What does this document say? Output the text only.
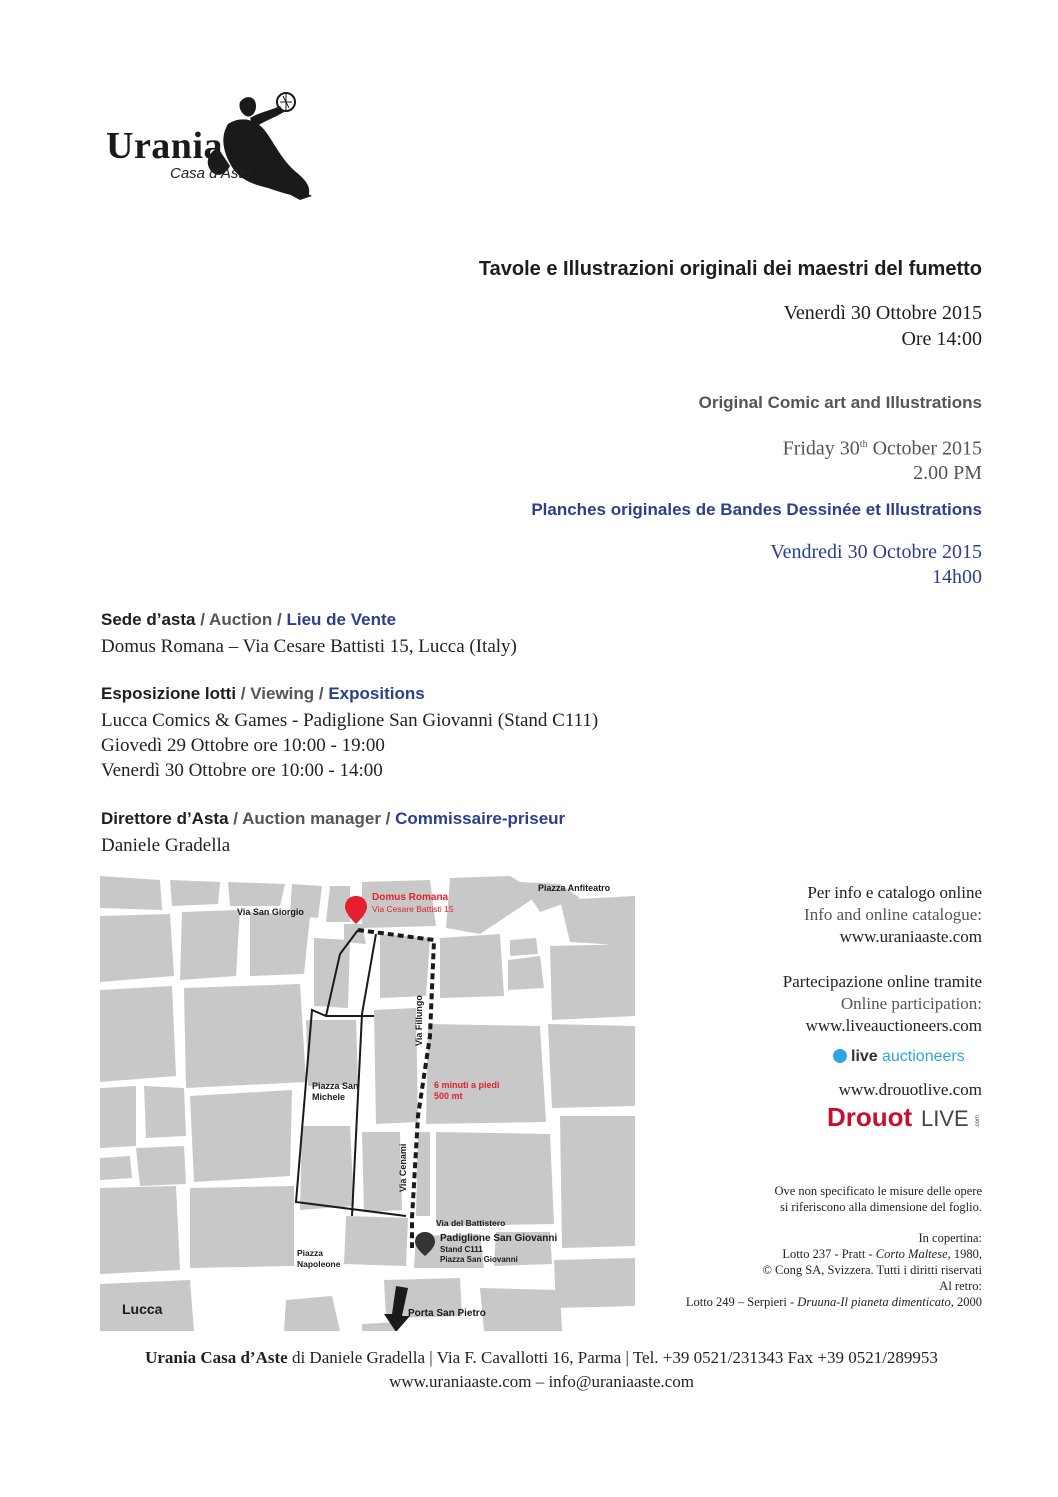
Urania
Casa d’Aste
Tavole e Illustrazioni originali dei maestri del fumetto
Venerdì 30 Ottobre 2015
Ore 14:00
Original Comic art and Illustrations
Friday 30th October 2015
2.00 PM
Planches originales de Bandes Dessinée et Illustrations
Vendredi 30 Octobre 2015
14h00
Sede d’asta / Auction / Lieu de Vente
Domus Romana – Via Cesare Battisti 15, Lucca (Italy)
Esposizione lotti / Viewing / Expositions
Lucca Comics & Games - Padiglione San Giovanni (Stand C111)
Giovedì 29 Ottobre ore 10:00 - 19:00
Venerdì 30 Ottobre ore 10:00 - 14:00
Direttore d’Asta / Auction manager / Commissaire-priseur
Daniele Gradella
Domus Romana
Via Cesare Battisti 15
Via San Giorgio
Piazza Anfiteatro
Via Fillungo
Piazza San
Michele
6 minuti a piedi
500 mt
Via Cenami
Via del Battistero
Padiglione San Giovanni
Stand C111
Piazza San Giovanni
Piazza
Napoleone
Porta San Pietro
Lucca
Per info e catalogo online
Info and online catalogue:
www.uraniaaste.com
Partecipazione online tramite
Online participation:
www.liveauctioneers.com
live auctioneers
www.drouotlive.com
Drouot LIVE .com
Ove non specificato le misure delle opere
si riferiscono alla dimensione del foglio.
In copertina:
Lotto 237 - Pratt - Corto Maltese, 1980,
© Cong SA, Svizzera. Tutti i diritti riservati
Al retro:
Lotto 249 – Serpieri - Druuna-Il pianeta dimenticato, 2000
Urania Casa d’Aste di Daniele Gradella | Via F. Cavallotti 16, Parma | Tel. +39 0521/231343 Fax +39 0521/289953
www.uraniaaste.com – info@uraniaaste.com
